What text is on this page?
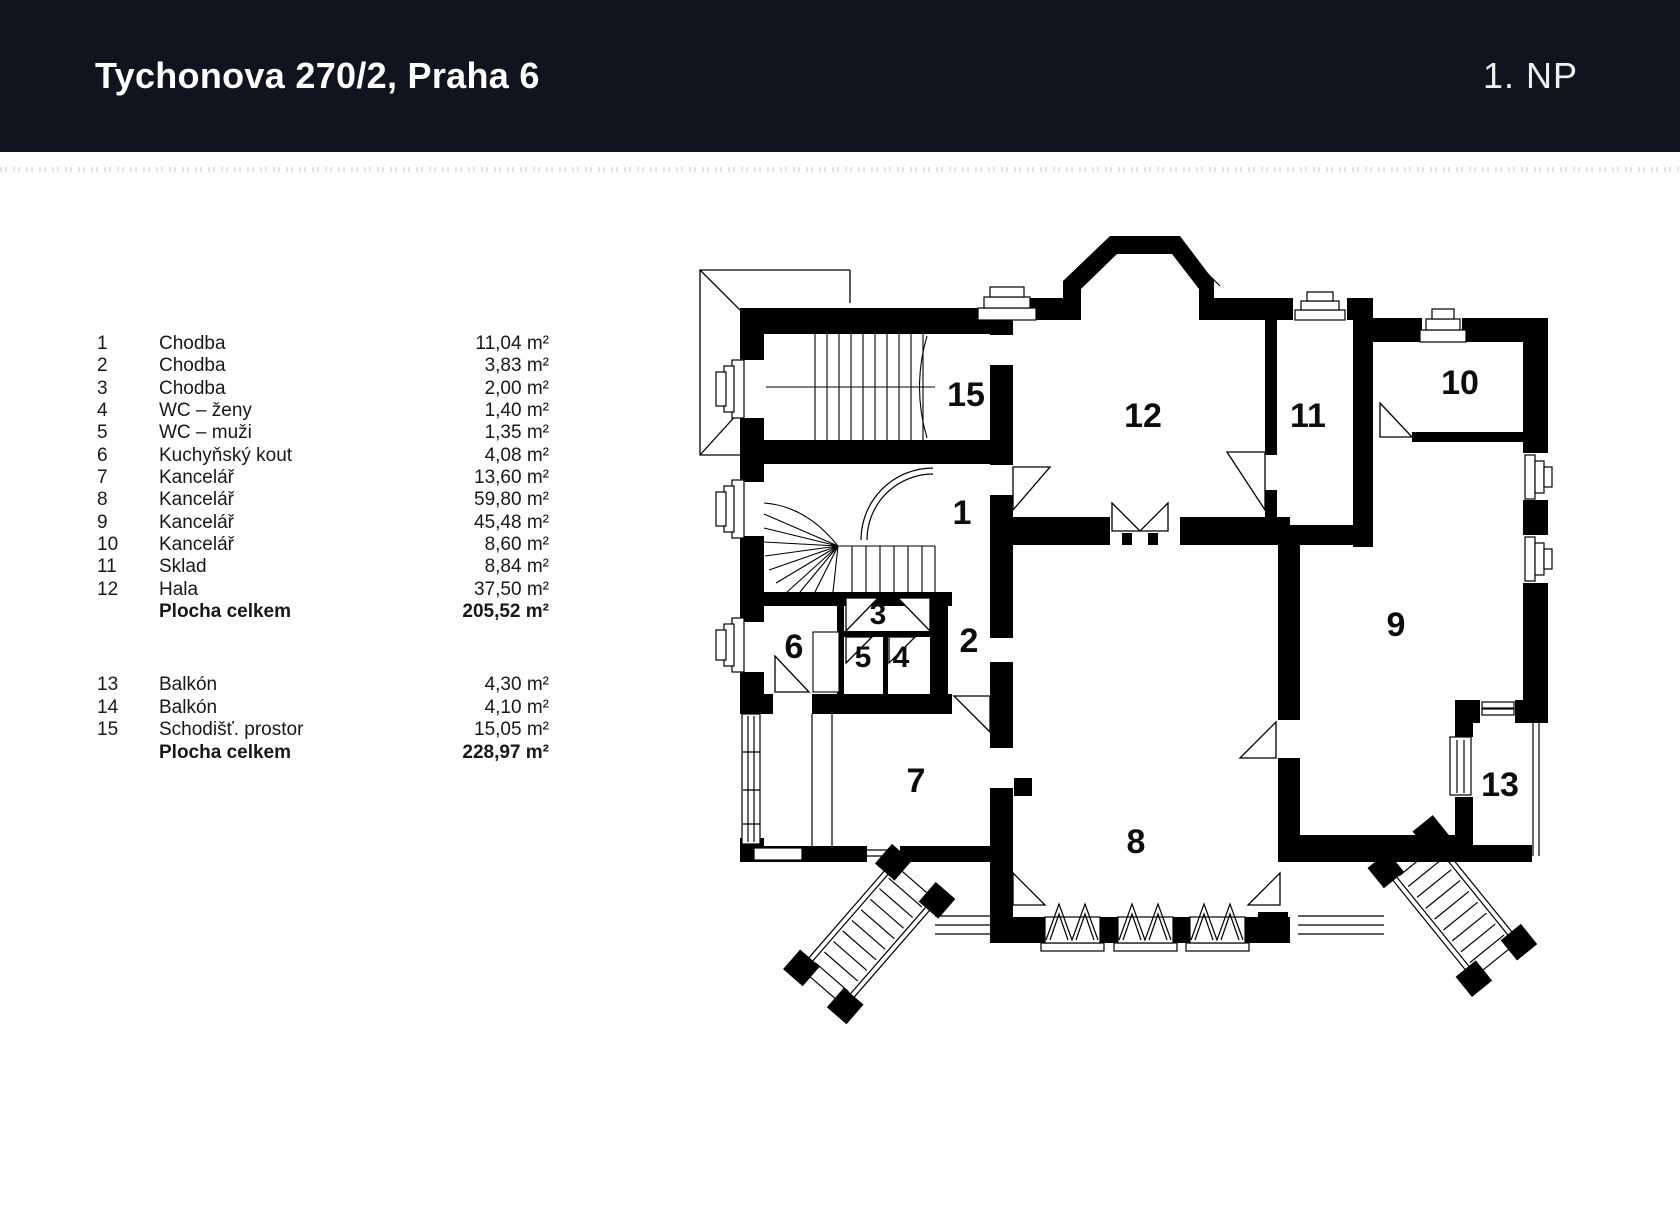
Tychonova 270/2, Praha 6	1. NP
1	Chodba	11,04 m²
2	Chodba	3,83 m²
3	Chodba	2,00 m²
4	WC – ženy	1,40 m²
5	WC – muži	1,35 m²
6	Kuchyňský kout	4,08 m²
7	Kancelář	13,60 m²
8	Kancelář	59,80 m²
9	Kancelář	45,48 m²
10	Kancelář	8,60 m²
11	Sklad	8,84 m²
12	Hala	37,50 m²
Plocha celkem	205,52 m²
13	Balkón	4,30 m²
14	Balkón	4,10 m²
15	Schodišť. prostor	15,05 m²
Plocha celkem	228,97 m²
15
12	11
10
1
2
3
5 4
6
7
9
8
13
